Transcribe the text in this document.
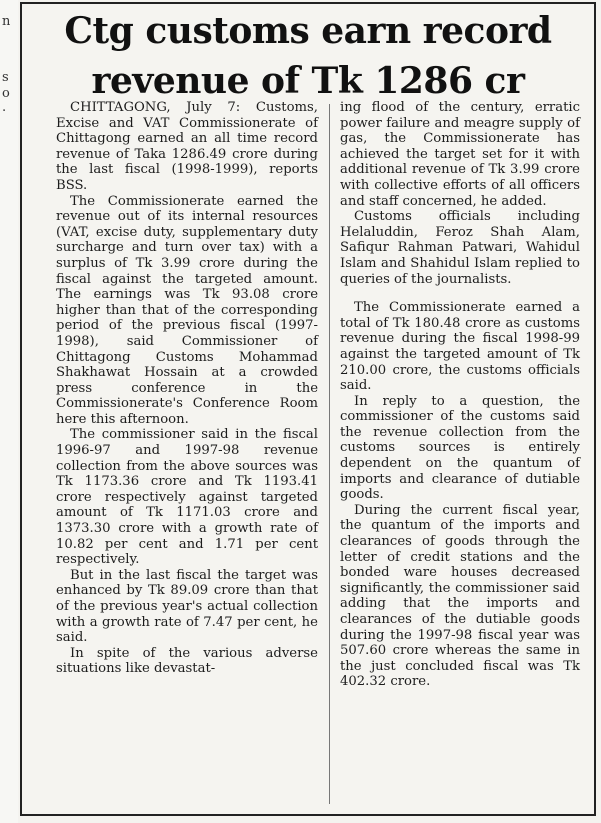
n
s
o
.
Ctg customs earn record
revenue of Tk 1286 cr

CHITTAGONG, July 7: Customs, Excise and VAT Commissionerate of Chittagong earned an all time record revenue of Taka 1286.49 crore during the last fiscal (1998-1999), reports BSS.

The Commissionerate earned the revenue out of its internal resources (VAT, excise duty, supplementary duty surcharge and turn over tax) with a surplus of Tk 3.99 crore during the fiscal against the targeted amount. The earnings was Tk 93.08 crore higher than that of the corresponding period of the previous fiscal (1997-1998), said Commissioner of Chittagong Customs Mohammad Shakhawat Hossain at a crowded press conference in the Commissionerate's Conference Room here this afternoon.

The commissioner said in the fiscal 1996-97 and 1997-98 revenue collection from the above sources was Tk 1173.36 crore and Tk 1193.41 crore respectively against targeted amount of Tk 1171.03 crore and 1373.30 crore with a growth rate of 10.82 per cent and 1.71 per cent respectively.

But in the last fiscal the target was enhanced by Tk 89.09 crore than that of the previous year's actual collection with a growth rate of 7.47 per cent, he said.

In spite of the various adverse situations like devastat-

ing flood of the century, erratic power failure and meagre supply of gas, the Commissionerate has achieved the target set for it with additional revenue of Tk 3.99 crore with collective efforts of all officers and staff concerned, he added.

Customs officials including Helaluddin, Feroz Shah Alam, Safiqur Rahman Patwari, Wahidul Islam and Shahidul Islam replied to queries of the journalists.

The Commissionerate earned a total of Tk 180.48 crore as customs revenue during the fiscal 1998-99 against the targeted amount of Tk 210.00 crore, the customs officials said.

In reply to a question, the commissioner of the customs said the revenue collection from the customs sources is entirely dependent on the quantum of imports and clearance of dutiable goods.

During the current fiscal year, the quantum of the imports and clearances of goods through the letter of credit stations and the bonded ware houses decreased significantly, the commissioner said adding that the imports and clearances of the dutiable goods during the 1997-98 fiscal year was 507.60 crore whereas the same in the just concluded fiscal was Tk 402.32 crore.
